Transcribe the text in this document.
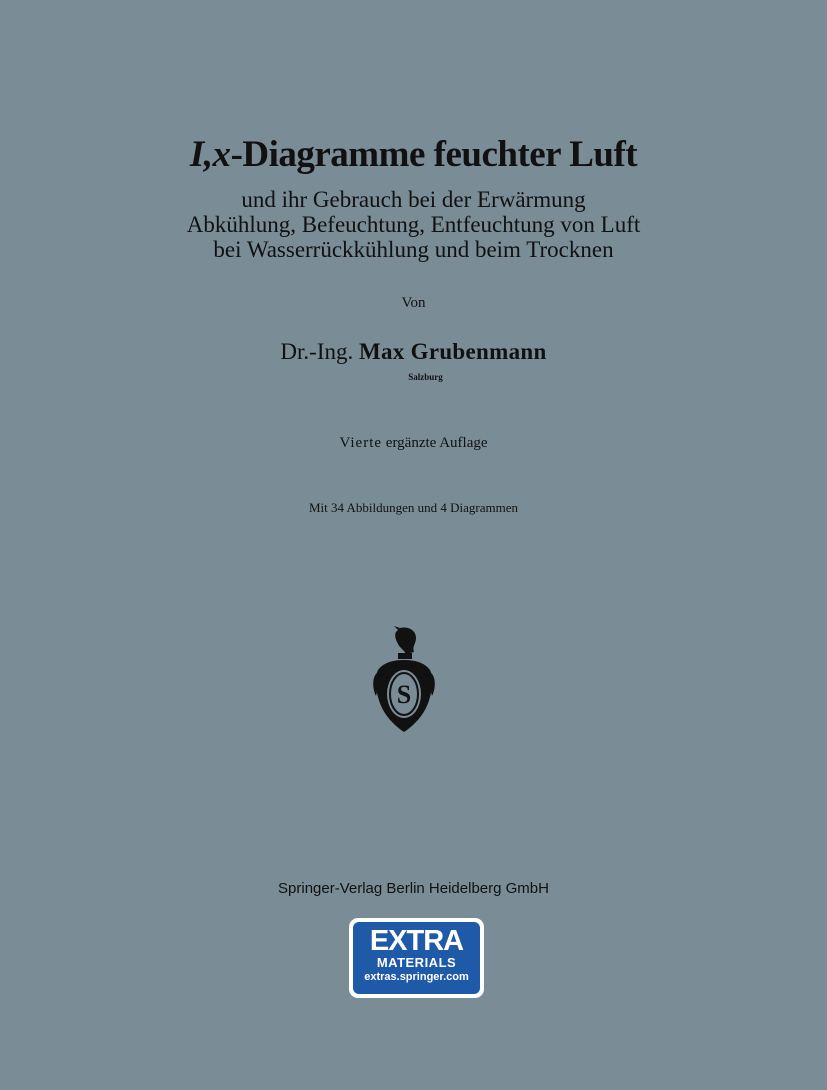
I,x-Diagramme feuchter Luft
und ihr Gebrauch bei der Erwärmung
Abkühlung, Befeuchtung, Entfeuchtung von Luft
bei Wasserrückkühlung und beim Trocknen
Von
Dr.-Ing. Max Grubenmann
Salzburg
Vierte ergänzte Auflage
Mit 34 Abbildungen und 4 Diagrammen
S
Springer-Verlag Berlin Heidelberg GmbH
EXTRA
MATERIALS
extras.springer.com
